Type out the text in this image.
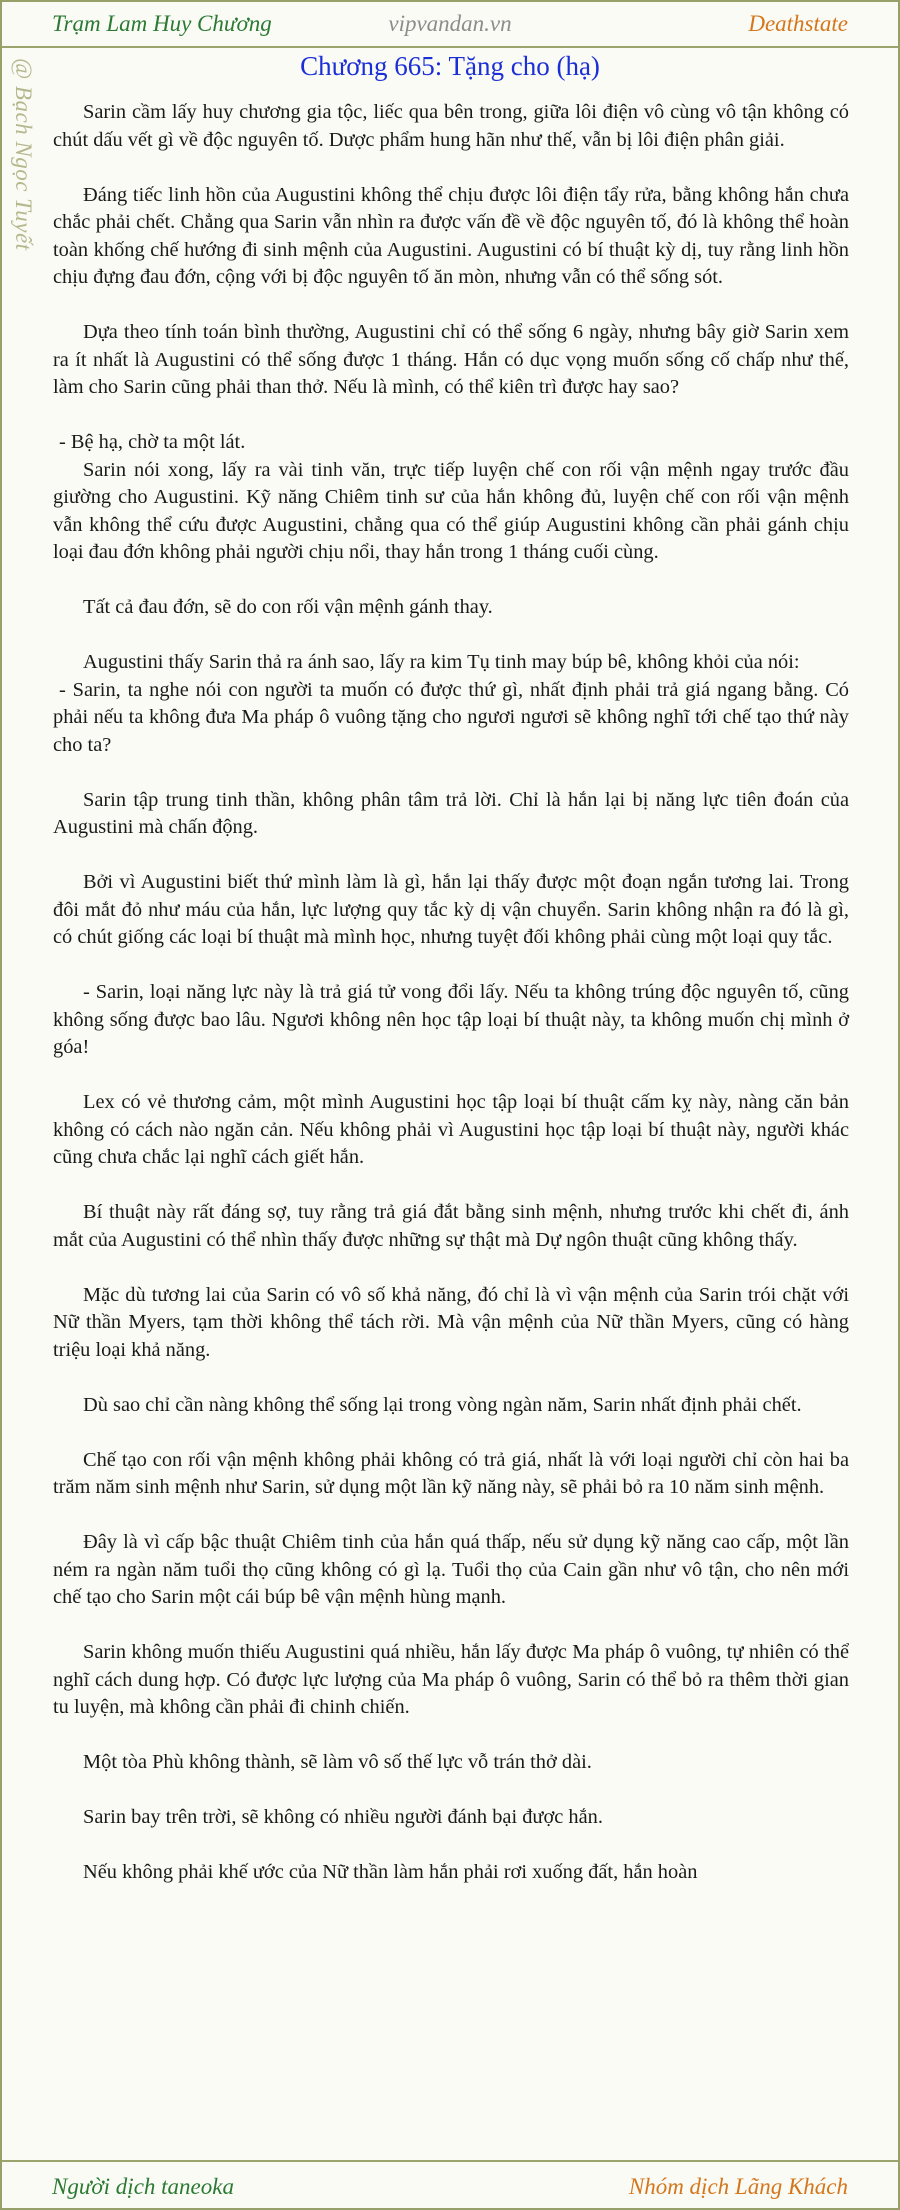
Trạm Lam Huy Chương	vipvandan.vn	Deathstate
@ Bạch Ngọc Tuyết	Chương 665: Tặng cho (hạ)

Sarin cầm lấy huy chương gia tộc, liếc qua bên trong, giữa lôi điện vô cùng vô tận không có chút dấu vết gì về độc nguyên tố. Dược phẩm hung hãn như thế, vẫn bị lôi điện phân giải.

Đáng tiếc linh hồn của Augustini không thể chịu được lôi điện tẩy rửa, bằng không hắn chưa chắc phải chết. Chẳng qua Sarin vẫn nhìn ra được vấn đề về độc nguyên tố, đó là không thể hoàn toàn khống chế hướng đi sinh mệnh của Augustini. Augustini có bí thuật kỳ dị, tuy rằng linh hồn chịu đựng đau đớn, cộng với bị độc nguyên tố ăn mòn, nhưng vẫn có thể sống sót.

Dựa theo tính toán bình thường, Augustini chỉ có thể sống 6 ngày, nhưng bây giờ Sarin xem ra ít nhất là Augustini có thể sống được 1 tháng. Hắn có dục vọng muốn sống cố chấp như thế, làm cho Sarin cũng phải than thở. Nếu là mình, có thể kiên trì được hay sao?

- Bệ hạ, chờ ta một lát.

Sarin nói xong, lấy ra vài tinh văn, trực tiếp luyện chế con rối vận mệnh ngay trước đầu giường cho Augustini. Kỹ năng Chiêm tinh sư của hắn không đủ, luyện chế con rối vận mệnh vẫn không thể cứu được Augustini, chẳng qua có thể giúp Augustini không cần phải gánh chịu loại đau đớn không phải người chịu nổi, thay hắn trong 1 tháng cuối cùng.

Tất cả đau đớn, sẽ do con rối vận mệnh gánh thay.

Augustini thấy Sarin thả ra ánh sao, lấy ra kim Tụ tinh may búp bê, không khỏi của nói:

- Sarin, ta nghe nói con người ta muốn có được thứ gì, nhất định phải trả giá ngang bằng. Có phải nếu ta không đưa Ma pháp ô vuông tặng cho ngươi ngươi sẽ không nghĩ tới chế tạo thứ này cho ta?

Sarin tập trung tinh thần, không phân tâm trả lời. Chỉ là hắn lại bị năng lực tiên đoán của Augustini mà chấn động.

Bởi vì Augustini biết thứ mình làm là gì, hắn lại thấy được một đoạn ngắn tương lai. Trong đôi mắt đỏ như máu của hắn, lực lượng quy tắc kỳ dị vận chuyển. Sarin không nhận ra đó là gì, có chút giống các loại bí thuật mà mình học, nhưng tuyệt đối không phải cùng một loại quy tắc.

- Sarin, loại năng lực này là trả giá tử vong đổi lấy. Nếu ta không trúng độc nguyên tố, cũng không sống được bao lâu. Ngươi không nên học tập loại bí thuật này, ta không muốn chị mình ở góa!

Lex có vẻ thương cảm, một mình Augustini học tập loại bí thuật cấm kỵ này, nàng căn bản không có cách nào ngăn cản. Nếu không phải vì Augustini học tập loại bí thuật này, người khác cũng chưa chắc lại nghĩ cách giết hắn.

Bí thuật này rất đáng sợ, tuy rằng trả giá đắt bằng sinh mệnh, nhưng trước khi chết đi, ánh mắt của Augustini có thể nhìn thấy được những sự thật mà Dự ngôn thuật cũng không thấy.

Mặc dù tương lai của Sarin có vô số khả năng, đó chỉ là vì vận mệnh của Sarin trói chặt với Nữ thần Myers, tạm thời không thể tách rời. Mà vận mệnh của Nữ thần Myers, cũng có hàng triệu loại khả năng.

Dù sao chỉ cần nàng không thể sống lại trong vòng ngàn năm, Sarin nhất định phải chết.

Chế tạo con rối vận mệnh không phải không có trả giá, nhất là với loại người chỉ còn hai ba trăm năm sinh mệnh như Sarin, sử dụng một lần kỹ năng này, sẽ phải bỏ ra 10 năm sinh mệnh.

Đây là vì cấp bậc thuật Chiêm tinh của hắn quá thấp, nếu sử dụng kỹ năng cao cấp, một lần ném ra ngàn năm tuổi thọ cũng không có gì lạ. Tuổi thọ của Cain gần như vô tận, cho nên mới chế tạo cho Sarin một cái búp bê vận mệnh hùng mạnh.

Sarin không muốn thiếu Augustini quá nhiều, hắn lấy được Ma pháp ô vuông, tự nhiên có thể nghĩ cách dung hợp. Có được lực lượng của Ma pháp ô vuông, Sarin có thể bỏ ra thêm thời gian tu luyện, mà không cần phải đi chinh chiến.

Một tòa Phù không thành, sẽ làm vô số thế lực vỗ trán thở dài.

Sarin bay trên trời, sẽ không có nhiều người đánh bại được hắn.

Nếu không phải khế ước của Nữ thần làm hắn phải rơi xuống đất, hắn hoàn

Người dịch taneoka	Nhóm dịch Lãng Khách
